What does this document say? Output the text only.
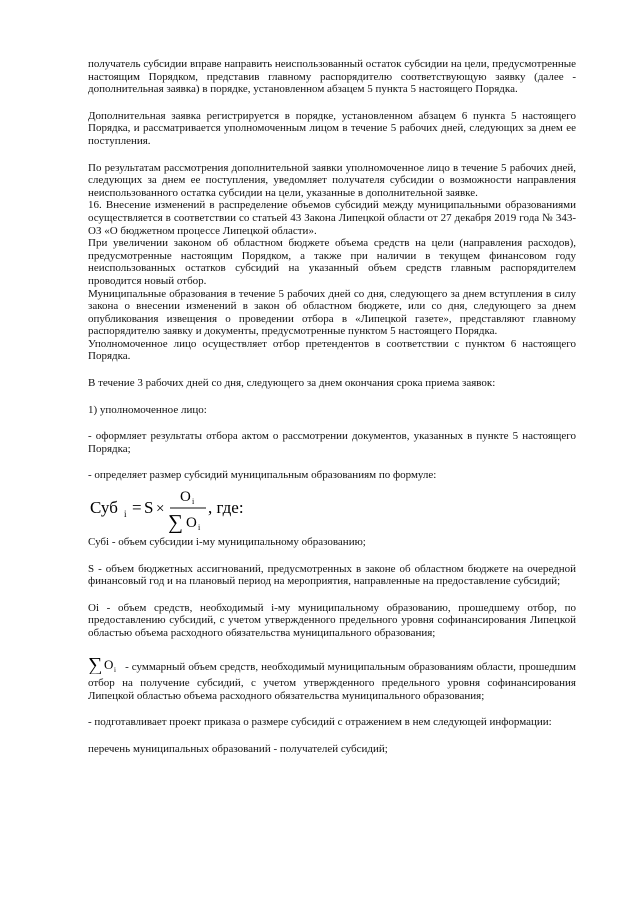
получатель субсидии вправе направить неиспользованный остаток субсидии на цели, предусмотренные настоящим Порядком, представив главному распорядителю соответствующую заявку (далее - дополнительная заявка) в порядке, установленном абзацем 5 пункта 5 настоящего Порядка.

Дополнительная заявка регистрируется в порядке, установленном абзацем 6 пункта 5 настоящего Порядка, и рассматривается уполномоченным лицом в течение 5 рабочих дней, следующих за днем ее поступления.

По результатам рассмотрения дополнительной заявки уполномоченное лицо в течение 5 рабочих дней, следующих за днем ее поступления, уведомляет получателя субсидии о возможности направления неиспользованного остатка субсидии на цели, указанные в дополнительной заявке.

16. Внесение изменений в распределение объемов субсидий между муниципальными образованиями осуществляется в соответствии со статьей 43 Закона Липецкой области от 27 декабря 2019 года № 343-ОЗ «О бюджетном процессе Липецкой области».

При увеличении законом об областном бюджете объема средств на цели (направления расходов), предусмотренные настоящим Порядком, а также при наличии в текущем финансовом году неиспользованных остатков субсидий на указанный объем средств главным распорядителем проводится новый отбор.

Муниципальные образования в течение 5 рабочих дней со дня, следующего за днем вступления в силу закона о внесении изменений в закон об областном бюджете, или со дня, следующего за днем опубликования извещения о проведении отбора в «Липецкой газете», представляют главному распорядителю заявку и документы, предусмотренные пунктом 5 настоящего Порядка.

Уполномоченное лицо осуществляет отбор претендентов в соответствии с пунктом 6 настоящего Порядка.

В течение 3 рабочих дней со дня, следующего за днем окончания срока приема заявок:

1) уполномоченное лицо:

- оформляет результаты отбора актом о рассмотрении документов, указанных в пункте 5 настоящего Порядка;

- определяет размер субсидий муниципальным образованиям по формуле:

Суб i = S ×
O i
∑ O i
, где:

Субi - объем субсидии i-му муниципальному образованию;

S - объем бюджетных ассигнований, предусмотренных в законе об областном бюджете на очередной финансовый год и на плановый период на мероприятия, направленные на предоставление субсидий;

Oi - объем средств, необходимый i-му муниципальному образованию, прошедшему отбор, по предоставлению субсидий, с учетом утвержденного предельного уровня софинансирования Липецкой областью объема расходного обязательства муниципального образования;

∑ O i - суммарный объем средств, необходимый муниципальным образованиям области, прошедшим отбор на получение субсидий, с учетом утвержденного предельного уровня софинансирования Липецкой областью объема расходного обязательства муниципального образования;

- подготавливает проект приказа о размере субсидий с отражением в нем следующей информации:

перечень муниципальных образований - получателей субсидий;
